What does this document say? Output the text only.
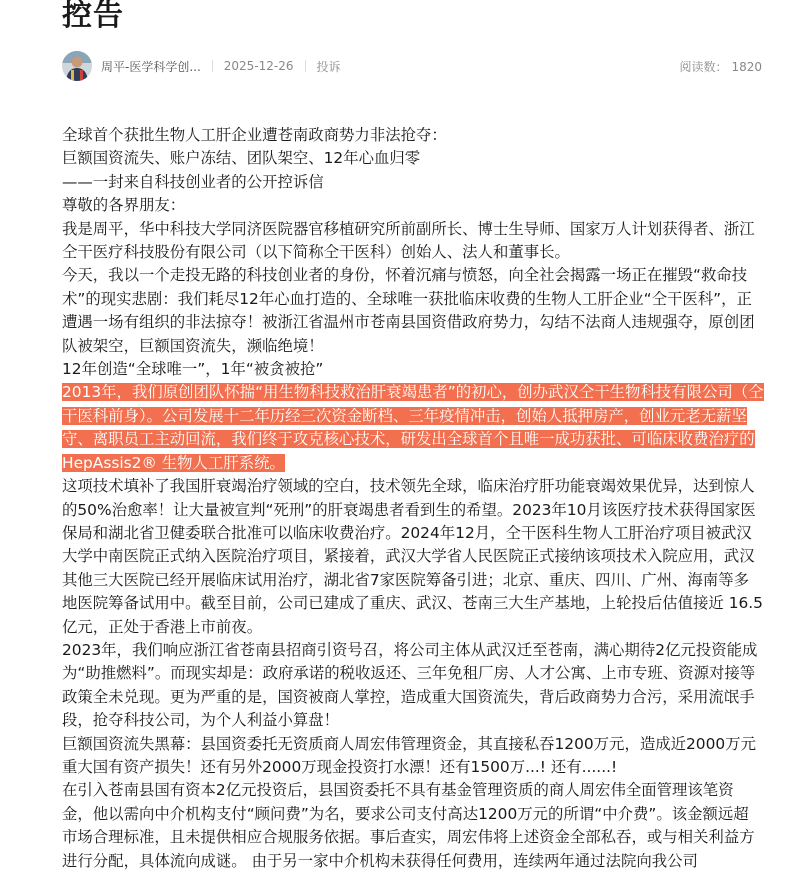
控告
周平-医学科学创... 2025-12-26 投诉	阅读数： 1820

全球首个获批生物人工肝企业遭苍南政商势力非法抢夺：

巨额国资流失、账户冻结、团队架空、12年心血归零

——一封来自科技创业者的公开控诉信

尊敬的各界朋友：

我是周平，华中科技大学同济医院器官移植研究所前副所长、博士生导师、国家万人计划获得者、浙江仝干医疗科技股份有限公司（以下简称仝干医科）创始人、法人和董事长。

今天，我以一个走投无路的科技创业者的身份，怀着沉痛与愤怒，向全社会揭露一场正在摧毁“救命技术”的现实悲剧：我们耗尽12年心血打造的、全球唯一获批临床收费的生物人工肝企业“仝干医科”，正遭遇一场有组织的非法掠夺！被浙江省温州市苍南县国资借政府势力，勾结不法商人违规强夺，原创团队被架空，巨额国资流失，濒临绝境！

12年创造“全球唯一”，1年“被贪被抢”

2013年，我们原创团队怀揣“用生物科技救治肝衰竭患者”的初心，创办武汉仝干生物科技有限公司（仝干医科前身）。公司发展十二年历经三次资金断档、三年疫情冲击，创始人抵押房产，创业元老无薪坚守、离职员工主动回流，我们终于攻克核心技术，研发出全球首个且唯一成功获批、可临床收费治疗的 HepAssis2® 生物人工肝系统。

这项技术填补了我国肝衰竭治疗领域的空白，技术领先全球，临床治疗肝功能衰竭效果优异，达到惊人的50%治愈率！让大量被宣判“死刑”的肝衰竭患者看到生的希望。2023年10月该医疗技术获得国家医保局和湖北省卫健委联合批准可以临床收费治疗。2024年12月，仝干医科生物人工肝治疗项目被武汉大学中南医院正式纳入医院治疗项目，紧接着，武汉大学省人民医院正式接纳该项技术入院应用，武汉其他三大医院已经开展临床试用治疗，湖北省7家医院筹备引进；北京、重庆、四川、广州、海南等多地医院筹备试用中。截至目前，公司已建成了重庆、武汉、苍南三大生产基地，上轮投后估值接近 16.5 亿元，正处于香港上市前夜。

2023年，我们响应浙江省苍南县招商引资号召，将公司主体从武汉迁至苍南，满心期待2亿元投资能成为“助推燃料”。而现实却是：政府承诺的税收返还、三年免租厂房、人才公寓、上市专班、资源对接等政策全未兑现。更为严重的是，国资被商人掌控，造成重大国资流失，背后政商势力合污，采用流氓手段，抢夺科技公司，为个人利益小算盘！

巨额国资流失黑幕：县国资委托无资质商人周宏伟管理资金，其直接私吞1200万元，造成近2000万元重大国有资产损失！还有另外2000万现金投资打水漂！还有1500万...! 还有......!

在引入苍南县国有资本2亿元投资后，县国资委托不具有基金管理资质的商人周宏伟全面管理该笔资金，他以需向中介机构支付“顾问费”为名，要求公司支付高达1200万元的所谓“中介费”。该金额远超市场合理标准，且未提供相应合规服务依据。事后查实，周宏伟将上述资金全部私吞，或与相关利益方进行分配，具体流向成谜。 由于另一家中介机构未获得任何费用，连续两年通过法院向我公司
